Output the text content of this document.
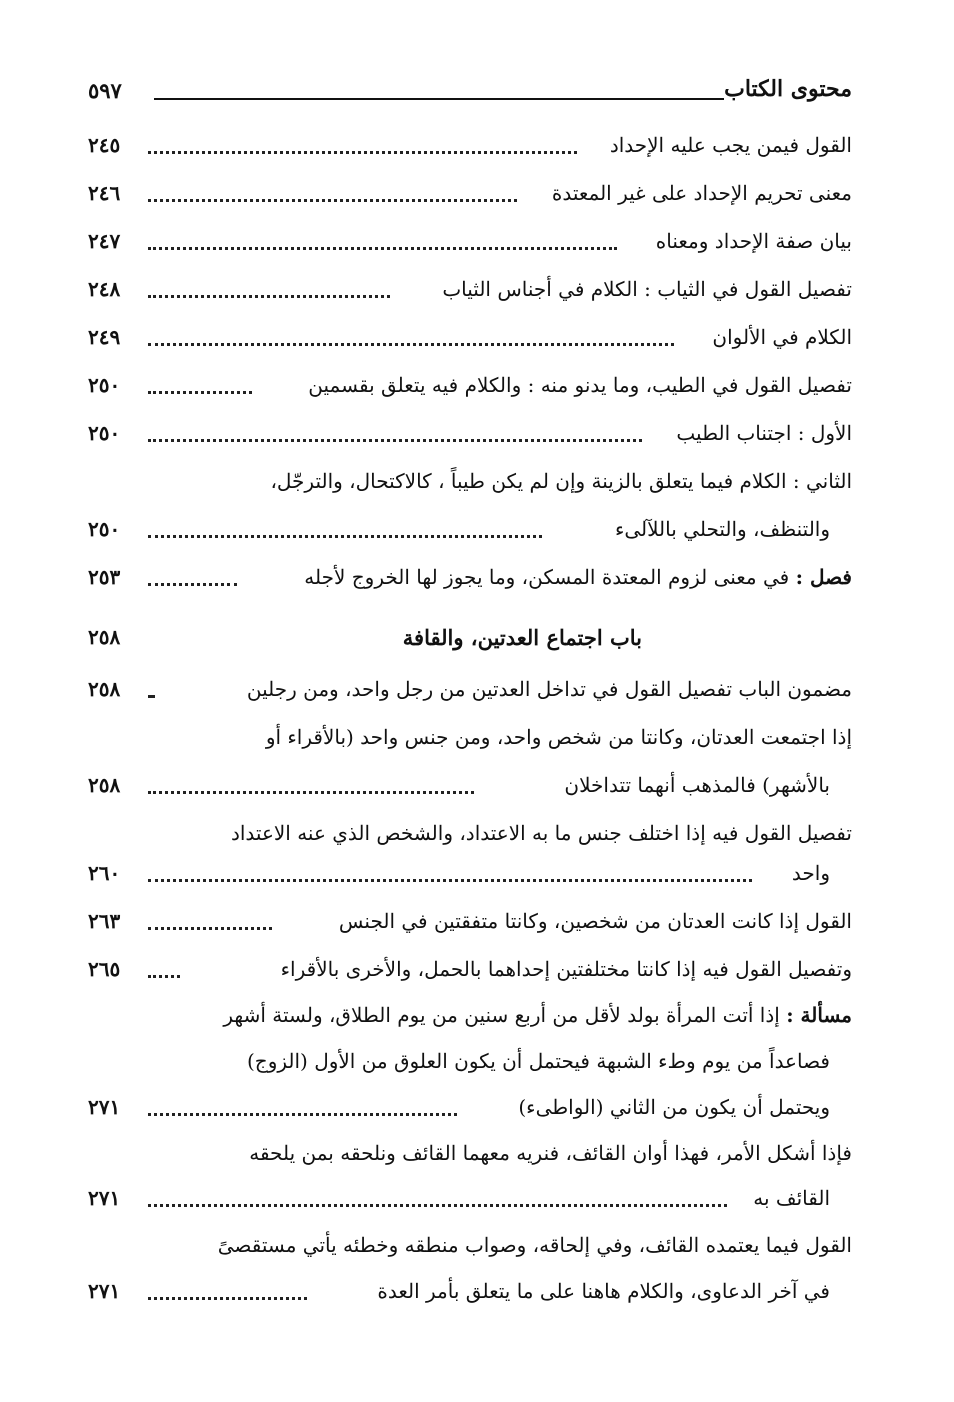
محتوى الكتاب
٥٩٧
القول فيمن يجب عليه الإحداد
٢٤٥
معنى تحريم الإحداد على غير المعتدة
٢٤٦
بيان صفة الإحداد ومعناه
٢٤٧
تفصيل القول في الثياب : الكلام في أجناس الثياب
٢٤٨
الكلام في الألوان
٢٤٩
تفصيل القول في الطيب، وما يدنو منه : والكلام فيه يتعلق بقسمين
٢٥٠
الأول : اجتناب الطيب
٢٥٠
الثاني : الكلام فيما يتعلق بالزينة وإن لم يكن طيباً ، كالاكتحال، والترجّل،
والتنظف، والتحلي باللآلىء
٢٥٠
فصل : في معنى لزوم المعتدة المسكن، وما يجوز لها الخروج لأجله
٢٥٣
باب اجتماع العدتين، والقافة
٢٥٨
مضمون الباب تفصيل القول في تداخل العدتين من رجل واحد، ومن رجلين
٢٥٨
إذا اجتمعت العدتان، وكانتا من شخص واحد، ومن جنس واحد (بالأقراء أو
بالأشهر) فالمذهب أنهما تتداخلان
٢٥٨
تفصيل القول فيه إذا اختلف جنس ما به الاعتداد، والشخص الذي عنه الاعتداد
واحد
٢٦٠
القول إذا كانت العدتان من شخصين، وكانتا متفقتين في الجنس
٢٦٣
وتفصيل القول فيه إذا كانتا مختلفتين إحداهما بالحمل، والأخرى بالأقراء
٢٦٥
مسألة : إذا أتت المرأة بولد لأقل من أربع سنين من يوم الطلاق، ولستة أشهر
فصاعداً من يوم وطء الشبهة فيحتمل أن يكون العلوق من الأول (الزوج)
ويحتمل أن يكون من الثاني (الواطىء)
٢٧١
فإذا أشكل الأمر، فهذا أوان القائف، فنريه معهما القائف ونلحقه بمن يلحقه
القائف به
٢٧١
القول فيما يعتمده القائف، وفي إلحاقه، وصواب منطقه وخطئه يأتي مستقصىً
في آخر الدعاوى، والكلام هاهنا على ما يتعلق بأمر العدة
٢٧١
